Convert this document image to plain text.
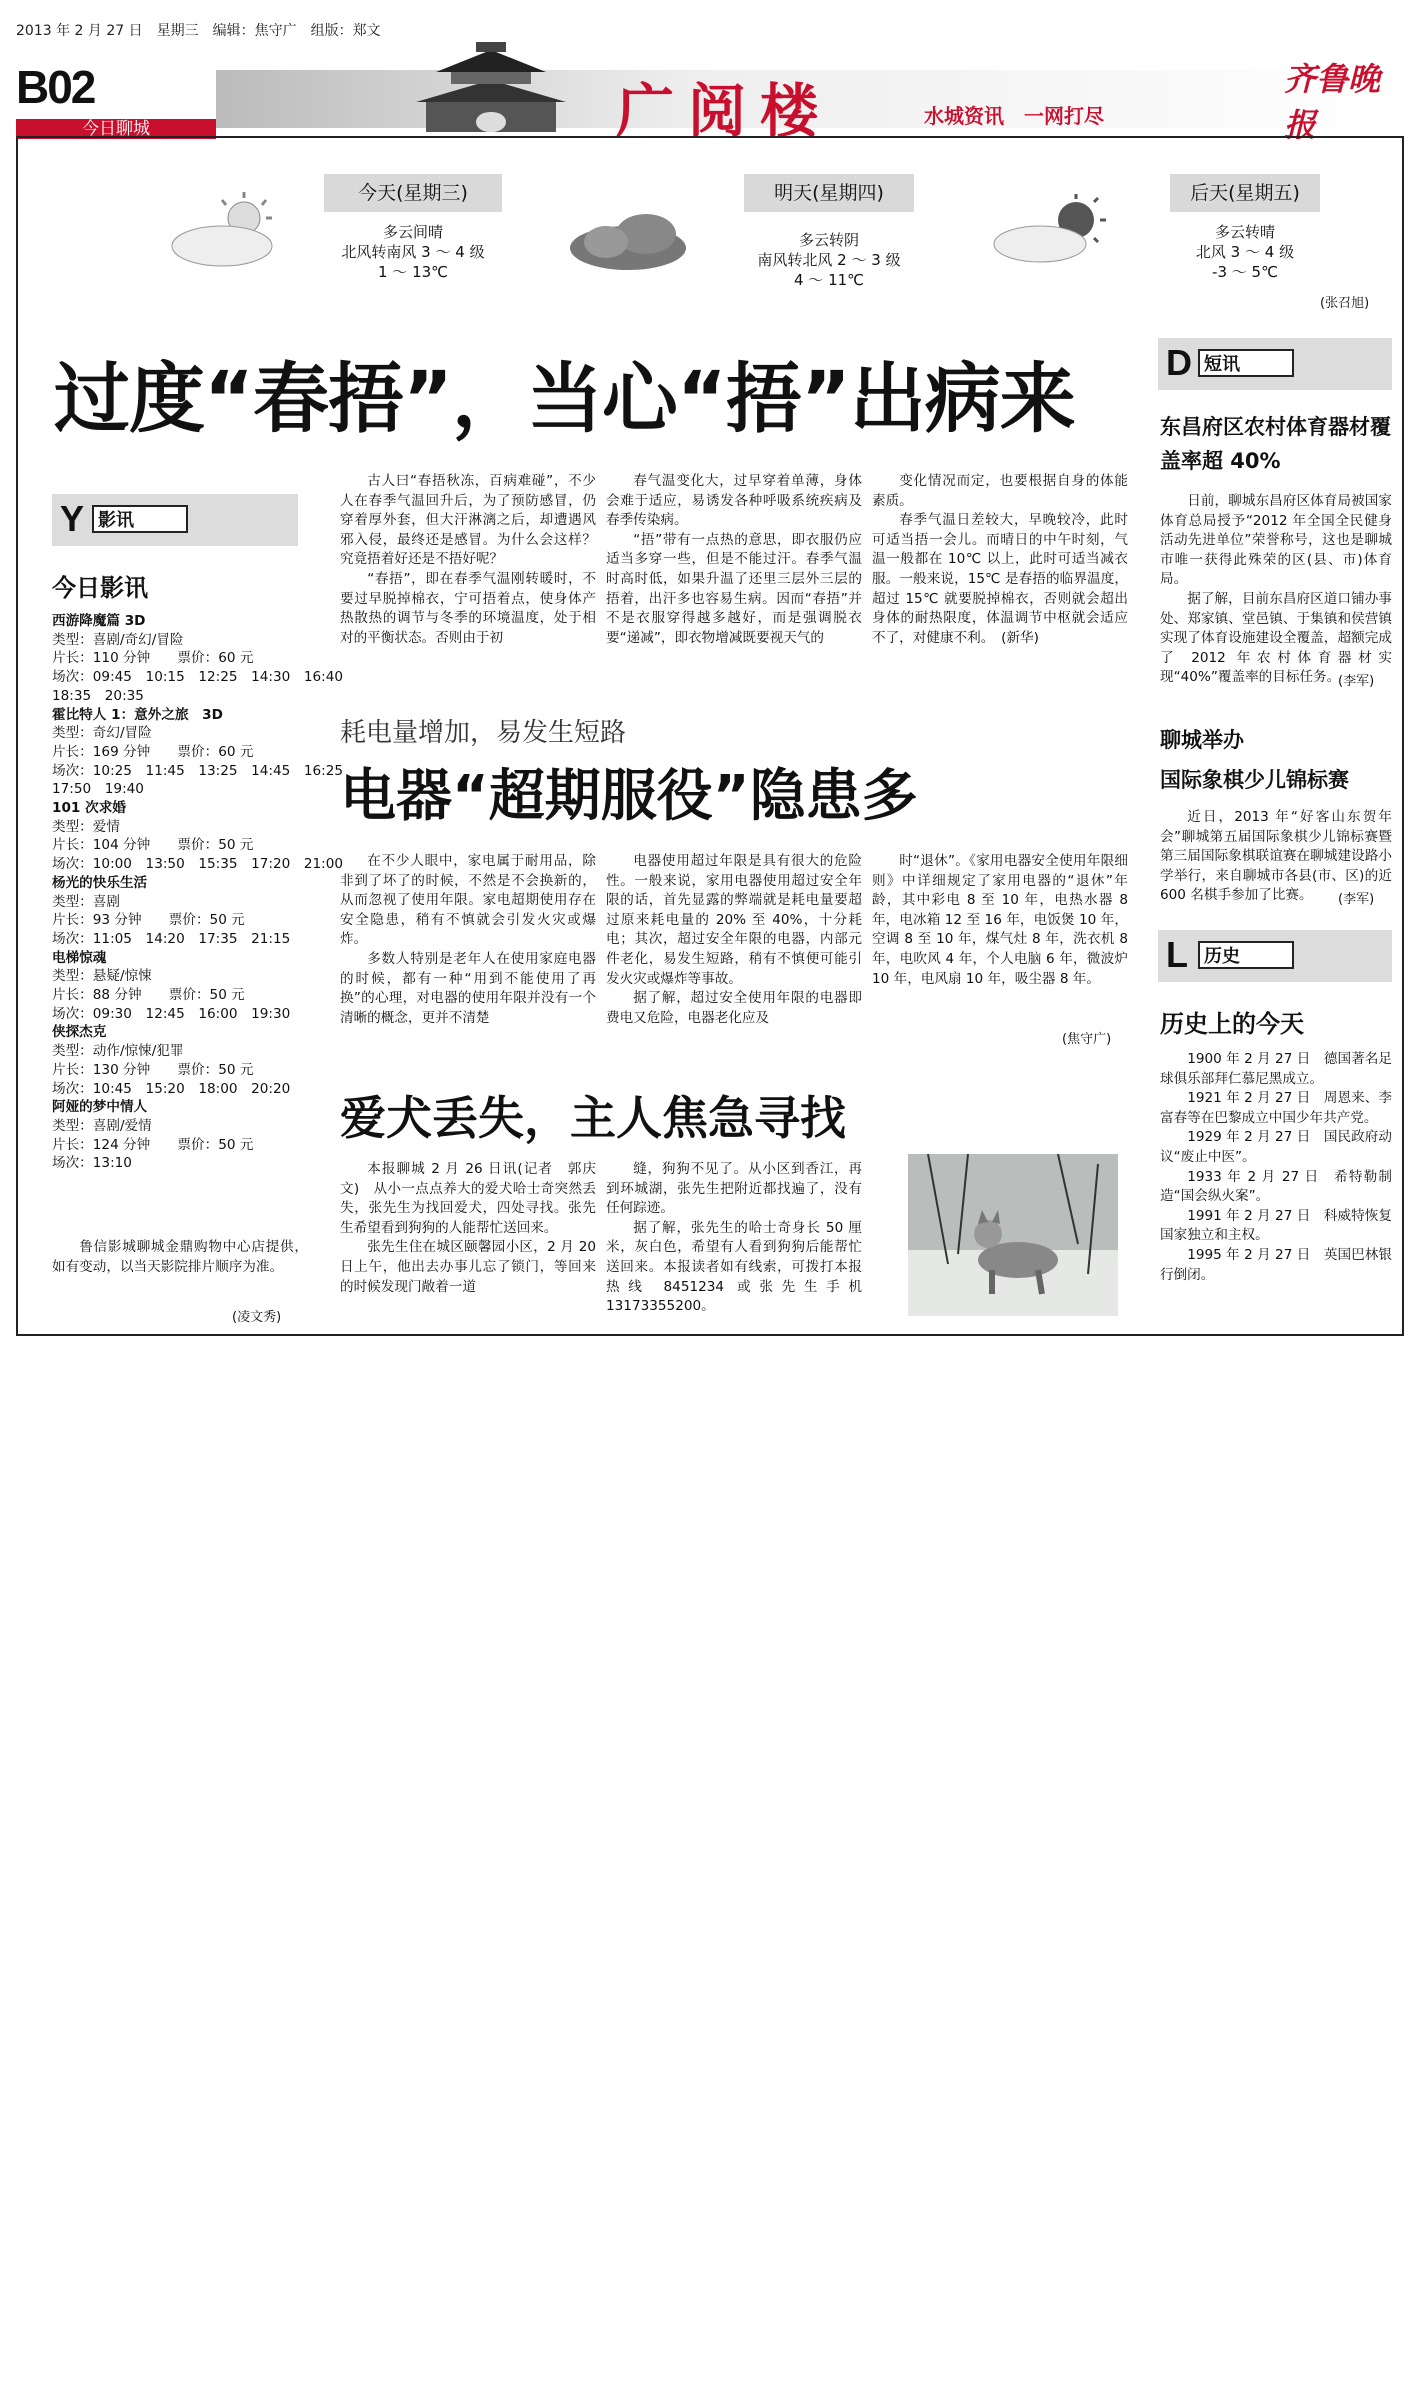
2013 年 2 月 27 日　星期三　编辑：焦守广　组版：郑文
B02
今日聊城	广阅楼	水城资讯　一网打尽
齐鲁晚报
今天(星期三)
多云间晴
北风转南风 3 ～ 4 级
1 ～ 13℃
明天(星期四)
多云转阴
南风转北风 2 ～ 3 级
4 ～ 11℃
后天(星期五)
多云转晴
北风 3 ～ 4 级
-3 ～ 5℃
(张召旭)
过度“春捂”，当心“捂”出病来
Y 影讯
今日影讯
西游降魔篇 3D
类型：喜剧/奇幻/冒险
片长：110 分钟　　票价：60 元
场次：09:45　10:15　12:25　14:30　16:40
18:35　20:35
霍比特人 1：意外之旅　3D
类型：奇幻/冒险
片长：169 分钟　　票价：60 元
场次：10:25　11:45　13:25　14:45　16:25
17:50　19:40
101 次求婚
类型：爱情
片长：104 分钟　　票价：50 元
场次：10:00　13:50　15:35　17:20　21:00
杨光的快乐生活
类型：喜剧
片长：93 分钟　　票价：50 元
场次：11:05　14:20　17:35　21:15
电梯惊魂
类型：悬疑/惊悚
片长：88 分钟　　票价：50 元
场次：09:30　12:45　16:00　19:30
侠探杰克
类型：动作/惊悚/犯罪
片长：130 分钟　　票价：50 元
场次：10:45　15:20　18:00　20:20
阿娅的梦中情人
类型：喜剧/爱情
片长：124 分钟　　票价：50 元
场次：13:10

鲁信影城聊城金鼎购物中心店提供，如有变动，以当天影院排片顺序为准。

(凌文秀)

古人曰“春捂秋冻，百病难碰”，不少人在春季气温回升后，为了预防感冒，仍穿着厚外套，但大汗淋漓之后，却遭遇风邪入侵，最终还是感冒。为什么会这样？究竟捂着好还是不捂好呢？

“春捂”，即在春季气温刚转暖时，不要过早脱掉棉衣，宁可捂着点，使身体产热散热的调节与冬季的环境温度，处于相对的平衡状态。否则由于初

春气温变化大，过早穿着单薄，身体会难于适应，易诱发各种呼吸系统疾病及春季传染病。

“捂”带有一点热的意思，即衣服仍应适当多穿一些，但是不能过汗。春季气温时高时低，如果升温了还里三层外三层的捂着，出汗多也容易生病。因而“春捂”并不是衣服穿得越多越好，而是强调脱衣要“递减”，即衣物增减既要视天气的

变化情况而定，也要根据自身的体能素质。

春季气温日差较大，早晚较冷，此时可适当捂一会儿。而晴日的中午时刻，气温一般都在 10℃ 以上，此时可适当减衣服。一般来说，15℃ 是春捂的临界温度，超过 15℃ 就要脱掉棉衣，否则就会超出身体的耐热限度，体温调节中枢就会适应不了，对健康不利。　(新华)

耗电量增加，易发生短路
电器“超期服役”隐患多

在不少人眼中，家电属于耐用品，除非到了坏了的时候，不然是不会换新的，从而忽视了使用年限。家电超期使用存在安全隐患，稍有不慎就会引发火灾或爆炸。

多数人特别是老年人在使用家庭电器的时候，都有一种“用到不能使用了再换”的心理，对电器的使用年限并没有一个清晰的概念，更并不清楚

电器使用超过年限是具有很大的危险性。一般来说，家用电器使用超过安全年限的话，首先显露的弊端就是耗电量要超过原来耗电量的 20% 至 40%，十分耗电；其次，超过安全年限的电器，内部元件老化，易发生短路，稍有不慎便可能引发火灾或爆炸等事故。

据了解，超过安全使用年限的电器即费电又危险，电器老化应及

时“退休”。《家用电器安全使用年限细则》中详细规定了家用电器的“退休”年龄，其中彩电 8 至 10 年，电热水器 8 年，电冰箱 12 至 16 年，电饭煲 10 年，空调 8 至 10 年，煤气灶 8 年，洗衣机 8 年，电吹风 4 年，个人电脑 6 年，微波炉 10 年，电风扇 10 年，吸尘器 8 年。

(焦守广)
爱犬丢失，主人焦急寻找

本报聊城 2 月 26 日讯(记者　郭庆文)　从小一点点养大的爱犬哈士奇突然丢失，张先生为找回爱犬，四处寻找。张先生希望看到狗狗的人能帮忙送回来。

张先生住在城区颐馨园小区，2 月 20 日上午，他出去办事儿忘了锁门，等回来的时候发现门敞着一道

缝，狗狗不见了。从小区到香江，再到环城湖，张先生把附近都找遍了，没有任何踪迹。

据了解，张先生的哈士奇身长 50 厘米，灰白色，希望有人看到狗狗后能帮忙送回来。本报读者如有线索，可拨打本报热线 8451234 或张先生手机 13173355200。

D 短讯
东昌府区农村体育器材覆盖率超 40%

日前，聊城东昌府区体育局被国家体育总局授予“2012 年全国全民健身活动先进单位”荣誉称号，这也是聊城市唯一获得此殊荣的区(县、市)体育局。

据了解，目前东昌府区道口铺办事处、郑家镇、堂邑镇、于集镇和侯营镇实现了体育设施建设全覆盖，超额完成了 2012 年农村体育器材实现“40%”覆盖率的目标任务。

(李军)
聊城举办
国际象棋少儿锦标赛

近日，2013 年“好客山东贺年会”聊城第五届国际象棋少儿锦标赛暨第三届国际象棋联谊赛在聊城建设路小学举行，来自聊城市各县(市、区)的近 600 名棋手参加了比赛。	(李军)
L 历史
历史上的今天

1900 年 2 月 27 日　德国著名足球俱乐部拜仁慕尼黑成立。

1921 年 2 月 27 日　周恩来、李富春等在巴黎成立中国少年共产党。

1929 年 2 月 27 日　国民政府动议“废止中医”。

1933 年 2 月 27 日　希特勒制造“国会纵火案”。

1991 年 2 月 27 日　科威特恢复国家独立和主权。

1995 年 2 月 27 日　英国巴林银行倒闭。
